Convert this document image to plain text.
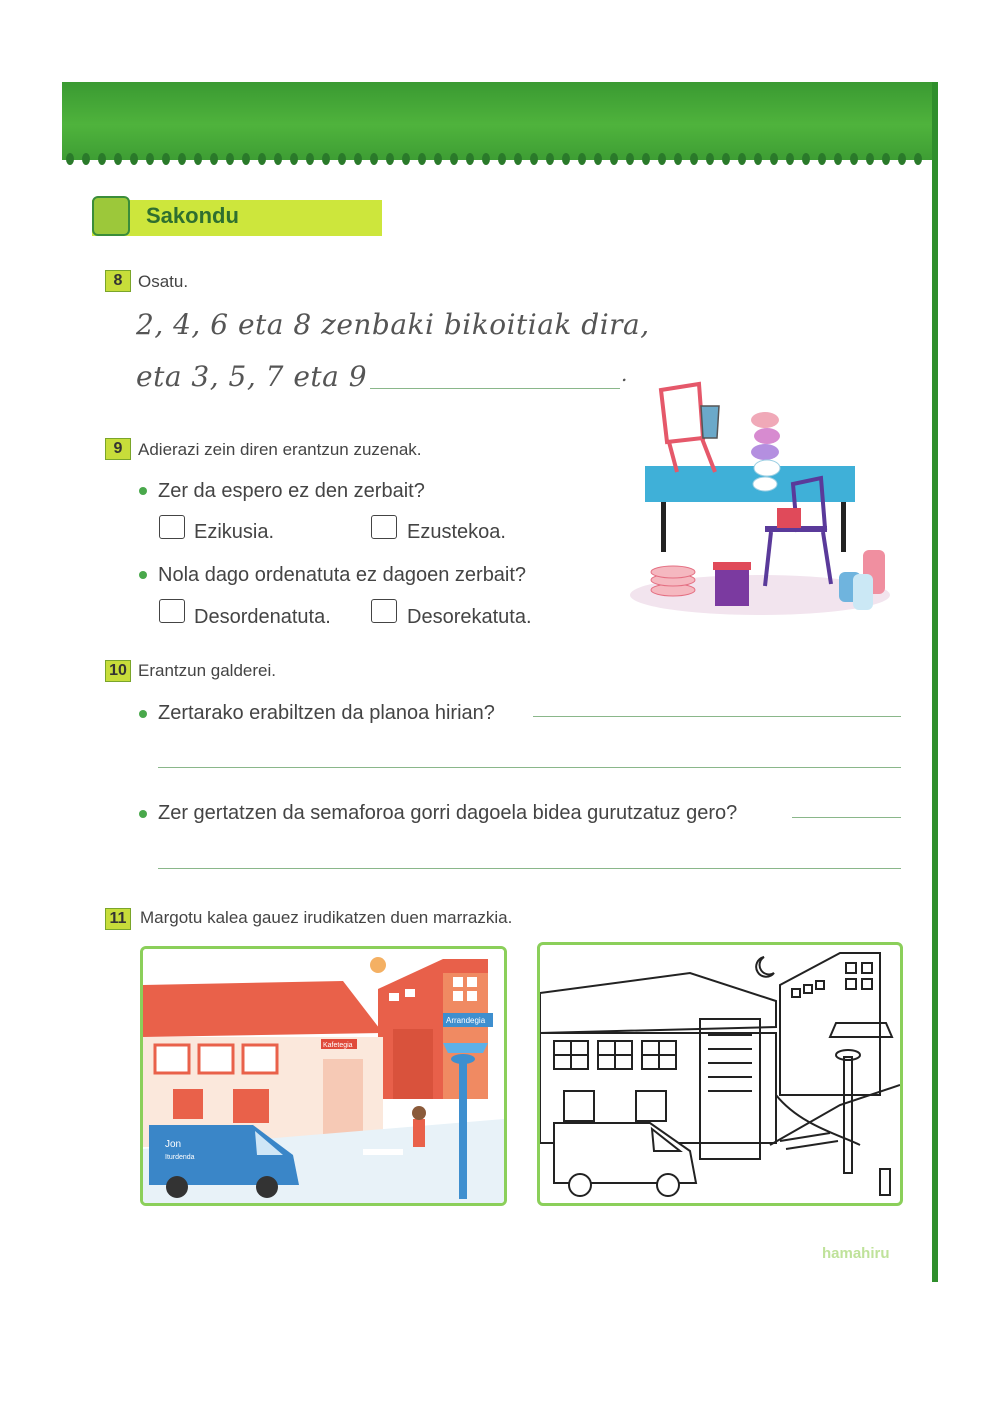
Sakondu
8 Osatu.
2, 4, 6 eta 8 zenbaki bikoitiak dira,
eta 3, 5, 7 eta 9	.
9 Adierazi zein diren erantzun zuzenak.
Zer da espero ez den zerbait?
Ezikusia.	Ezustekoa.
Nola dago ordenatuta ez dagoen zerbait?
Desordenatuta.	Desorekatuta.
10 Erantzun galderei.
Zertarako erabiltzen da planoa hirian?
Zer gertatzen da semaforoa gorri dagoela bidea gurutzatuz gero?
11 Margotu kalea gauez irudikatzen duen marrazkia.
Arrandegia
Kafetegia
Jon
Iturdenda
hamahiru
